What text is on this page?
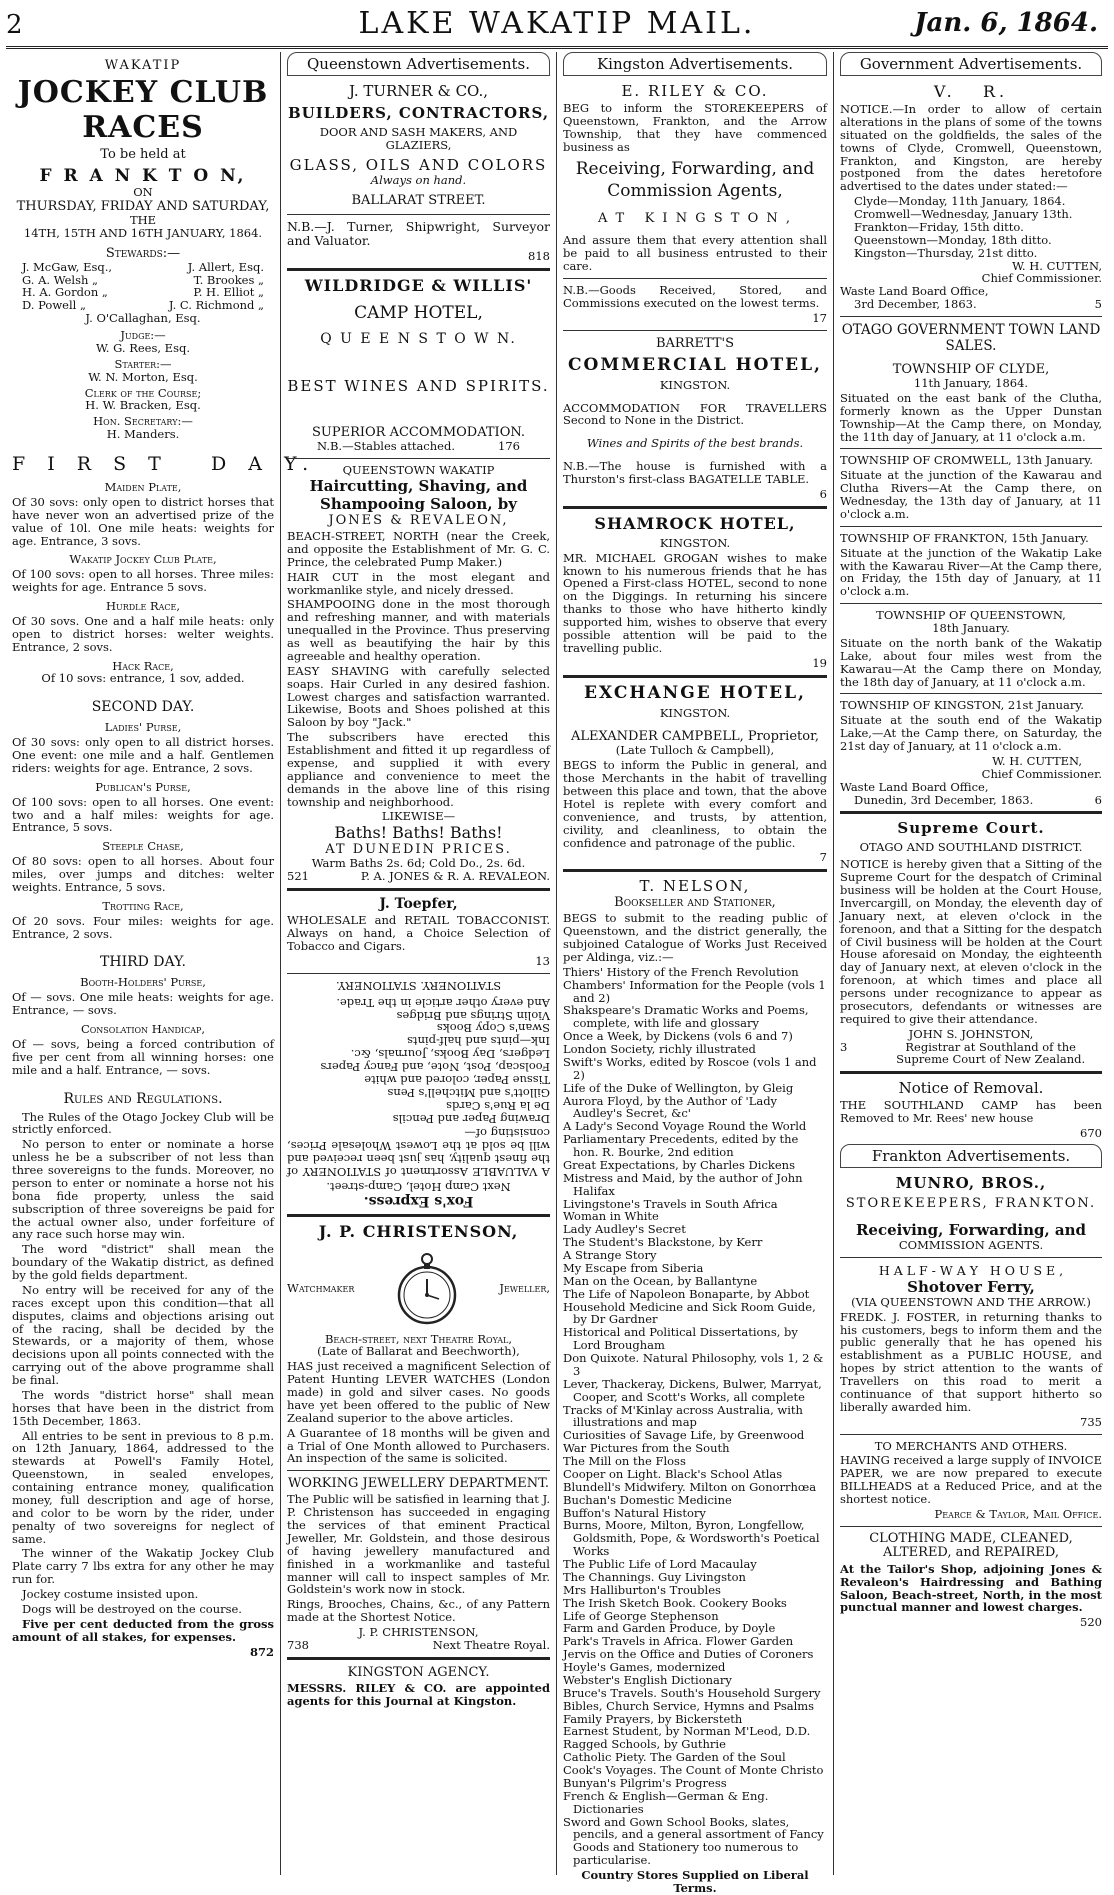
2	LAKE WAKATIP MAIL.	Jan. 6, 1864.
WAKATIP
JOCKEY CLUB RACES
To be held at
F R A N K T O N,
ON
THURSDAY, FRIDAY AND SATURDAY,
THE
14TH, 15TH AND 16TH JANUARY, 1864.
Stewards:—
J. McGaw, Esq.,	J. Allert, Esq.
G. A. Welsh „	T. Brookes „
H. A. Gordon „	P. H. Elliot „
D. Powell „	J. C. Richmond „
J. O'Callaghan, Esq.
Judge:—
W. G. Rees, Esq.
Starter:—
W. N. Morton, Esq.
Clerk of the Course;
H. W. Bracken, Esq.
Hon. Secretary:—
H. Manders.
F I R S T   D A Y.
Maiden Plate,
Of 30 sovs: only open to district horses that have never won an advertised prize of the value of 10l. One mile heats: weights for age. Entrance, 3 sovs.
Wakatip Jockey Club Plate,
Of 100 sovs: open to all horses. Three miles: weights for age. Entrance 5 sovs.
Hurdle Race,
Of 30 sovs. One and a half mile heats: only open to district horses: welter weights. Entrance, 2 sovs.
Hack Race,
Of 10 sovs: entrance, 1 sov, added.
SECOND DAY.
Ladies' Purse,
Of 30 sovs: only open to all district horses. One event: one mile and a half. Gentlemen riders: weights for age. Entrance, 2 sovs.
Publican's Purse,
Of 100 sovs: open to all horses. One event: two and a half miles: weights for age. Entrance, 5 sovs.
Steeple Chase,
Of 80 sovs: open to all horses. About four miles, over jumps and ditches: welter weights. Entrance, 5 sovs.
Trotting Race,
Of 20 sovs. Four miles: weights for age. Entrance, 2 sovs.
THIRD DAY.
Booth-Holders' Purse,
Of — sovs. One mile heats: weights for age. Entrance, — sovs.
Consolation Handicap,
Of — sovs, being a forced contribution of five per cent from all winning horses: one mile and a half. Entrance, — sovs.
Rules and Regulations.
The Rules of the Otago Jockey Club will be strictly enforced.
No person to enter or nominate a horse unless he be a subscriber of not less than three sovereigns to the funds. Moreover, no person to enter or nominate a horse not his bona fide property, unless the said subscription of three sovereigns be paid for the actual owner also, under forfeiture of any race such horse may win.
The word "district" shall mean the boundary of the Wakatip district, as defined by the gold fields department.
No entry will be received for any of the races except upon this condition—that all disputes, claims and objections arising out of the racing, shall be decided by the Stewards, or a majority of them, whose decisions upon all points connected with the carrying out of the above programme shall be final.
The words "district horse" shall mean horses that have been in the district from 15th December, 1863.
All entries to be sent in previous to 8 p.m. on 12th January, 1864, addressed to the stewards at Powell's Family Hotel, Queenstown, in sealed envelopes, containing entrance money, qualification money, full description and age of horse, and color to be worn by the rider, under penalty of two sovereigns for neglect of same.
The winner of the Wakatip Jockey Club Plate carry 7 lbs extra for any other he may run for.
Jockey costume insisted upon.
Dogs will be destroyed on the course.
Five per cent deducted from the gross amount of all stakes, for expenses.
872
Queenstown Advertisements.
J. TURNER & CO.,
BUILDERS, CONTRACTORS,
DOOR AND SASH MAKERS, AND GLAZIERS,
GLASS, OILS AND COLORS
Always on hand.
BALLARAT STREET.
N.B.—J. Turner, Shipwright, Surveyor and Valuator.
818
WILDRIDGE & WILLIS'
CAMP HOTEL,
Q U E E N S T O W N.
BEST WINES AND SPIRITS.
SUPERIOR ACCOMMODATION.
N.B.—Stables attached.	176
QUEENSTOWN WAKATIP
Haircutting, Shaving, and Shampooing Saloon, by
JONES & REVALEON,
BEACH-STREET, NORTH (near the Creek, and opposite the Establishment of Mr. G. C. Prince, the celebrated Pump Maker.)
HAIR CUT in the most elegant and workmanlike style, and nicely dressed.
SHAMPOOING done in the most thorough and refreshing manner, and with materials unequalled in the Province. Thus preserving as well as beautifying the hair by this agreeable and healthy operation.
EASY SHAVING with carefully selected soaps. Hair Curled in any desired fashion. Lowest charges and satisfaction warranted. Likewise, Boots and Shoes polished at this Saloon by boy "Jack."
The subscribers have erected this Establishment and fitted it up regardless of expense, and supplied it with every appliance and convenience to meet the demands in the above line of this rising township and neighborhood.
LIKEWISE—
Baths! Baths! Baths!
AT DUNEDIN PRICES.
Warm Baths 2s. 6d; Cold Do., 2s. 6d.
521	P. A. JONES & R. A. REVALEON.
J. Toepfer,
WHOLESALE and RETAIL TOBACCONIST. Always on hand, a Choice Selection of Tobacco and Cigars.
13
Fox's Express.
Next Camp Hotel, Camp-street.
A VALUABLE Assortment of STATIONERY of the finest quality, has just been received and will be sold at the Lowest Wholesale Prices, consisting of—
Drawing Paper and Pencils
De la Rue's Cards
Gillott's and Mitchell's Pens
Tissue Paper, colored and white
Foolscap, Post, Note, and Fancy Papers
Ledgers, Day Books, Journals, &c.
Ink—pints and half-pints
Swan's Copy Books
Violin Strings and Bridges
And every other article in the Trade.
STATIONERY. STATIONERY.
J. P. CHRISTENSON,
Watchmaker	Jeweller,
Beach-street, next Theatre Royal,
(Late of Ballarat and Beechworth),
HAS just received a magnificent Selection of Patent Hunting LEVER WATCHES (London made) in gold and silver cases. No goods have yet been offered to the public of New Zealand superior to the above articles.
A Guarantee of 18 months will be given and a Trial of One Month allowed to Purchasers. An inspection of the same is solicited.
WORKING JEWELLERY DEPARTMENT.
The Public will be satisfied in learning that J. P. Christenson has succeeded in engaging the services of that eminent Practical Jeweller, Mr. Goldstein, and those desirous of having jewellery manufactured and finished in a workmanlike and tasteful manner will call to inspect samples of Mr. Goldstein's work now in stock.
Rings, Brooches, Chains, &c., of any Pattern made at the Shortest Notice.
J. P. CHRISTENSON,
738	Next Theatre Royal.
KINGSTON AGENCY.
MESSRS. RILEY & CO. are appointed agents for this Journal at Kingston.
Kingston Advertisements.
E. RILEY & CO.
BEG to inform the STOREKEEPERS of Queenstown, Frankton, and the Arrow Township, that they have commenced business as
Receiving, Forwarding, and Commission Agents,
A T   K I N G S T O N ,
And assure them that every attention shall be paid to all business entrusted to their care.
N.B.—Goods Received, Stored, and Commissions executed on the lowest terms.
17
BARRETT'S
COMMERCIAL HOTEL,
KINGSTON.
ACCOMMODATION FOR TRAVELLERS Second to None in the District.
Wines and Spirits of the best brands.
N.B.—The house is furnished with a Thurston's first-class BAGATELLE TABLE.
6
SHAMROCK HOTEL,
KINGSTON.
MR. MICHAEL GROGAN wishes to make known to his numerous friends that he has Opened a First-class HOTEL, second to none on the Diggings. In returning his sincere thanks to those who have hitherto kindly supported him, wishes to observe that every possible attention will be paid to the travelling public.
19
EXCHANGE HOTEL,
KINGSTON.
ALEXANDER CAMPBELL, Proprietor,
(Late Tulloch & Campbell),
BEGS to inform the Public in general, and those Merchants in the habit of travelling between this place and town, that the above Hotel is replete with every comfort and convenience, and trusts, by attention, civility, and cleanliness, to obtain the confidence and patronage of the public.
7
T. NELSON,
Bookseller and Stationer,
BEGS to submit to the reading public of Queenstown, and the district generally, the subjoined Catalogue of Works Just Received per Aldinga, viz.:—
Thiers' History of the French Revolution
Chambers' Information for the People (vols 1 and 2)
Shakspeare's Dramatic Works and Poems, complete, with life and glossary
Once a Week, by Dickens (vols 6 and 7)
London Society, richly illustrated
Swift's Works, edited by Roscoe (vols 1 and 2)
Life of the Duke of Wellington, by Gleig
Aurora Floyd, by the Author of 'Lady Audley's Secret, &c'
A Lady's Second Voyage Round the World
Parliamentary Precedents, edited by the hon. R. Bourke, 2nd edition
Great Expectations, by Charles Dickens
Mistress and Maid, by the author of John Halifax
Livingstone's Travels in South Africa
Woman in White
Lady Audley's Secret
The Student's Blackstone, by Kerr
A Strange Story
My Escape from Siberia
Man on the Ocean, by Ballantyne
The Life of Napoleon Bonaparte, by Abbot
Household Medicine and Sick Room Guide, by Dr Gardner
Historical and Political Dissertations, by Lord Brougham
Don Quixote. Natural Philosophy, vols 1, 2 & 3
Lever, Thackeray, Dickens, Bulwer, Marryat, Cooper, and Scott's Works, all complete
Tracks of M'Kinlay across Australia, with illustrations and map
Curiosities of Savage Life, by Greenwood
War Pictures from the South
The Mill on the Floss
Cooper on Light. Black's School Atlas
Blundell's Midwifery. Milton on Gonorrhœa
Buchan's Domestic Medicine
Buffon's Natural History
Burns, Moore, Milton, Byron, Longfellow, Goldsmith, Pope, & Wordsworth's Poetical Works
The Public Life of Lord Macaulay
The Channings. Guy Livingston
Mrs Halliburton's Troubles
The Irish Sketch Book. Cookery Books
Life of George Stephenson
Farm and Garden Produce, by Doyle
Park's Travels in Africa. Flower Garden
Jervis on the Office and Duties of Coroners
Hoyle's Games, modernized
Webster's English Dictionary
Bruce's Travels. South's Household Surgery
Bibles, Church Service, Hymns and Psalms
Family Prayers, by Bickersteth
Earnest Student, by Norman M'Leod, D.D.
Ragged Schools, by Guthrie
Catholic Piety. The Garden of the Soul
Cook's Voyages. The Count of Monte Christo
Bunyan's Pilgrim's Progress
French & English—German & Eng. Dictionaries
Sword and Gown School Books, slates, pencils, and a general assortment of Fancy Goods and Stationery too numerous to particularise.
Country Stores Supplied on Liberal Terms.
Government Advertisements.
V.   R.
NOTICE.—In order to allow of certain alterations in the plans of some of the towns situated on the goldfields, the sales of the towns of Clyde, Cromwell, Queenstown, Frankton, and Kingston, are hereby postponed from the dates heretofore advertised to the dates under stated:—
Clyde—Monday, 11th January, 1864.
Cromwell—Wednesday, January 13th.
Frankton—Friday, 15th ditto.
Queenstown—Monday, 18th ditto.
Kingston—Thursday, 21st ditto.
W. H. CUTTEN,
Chief Commissioner.
Waste Land Board Office,
3rd December, 1863.	5
OTAGO GOVERNMENT TOWN LAND SALES.
TOWNSHIP OF CLYDE,
11th January, 1864.
Situated on the east bank of the Clutha, formerly known as the Upper Dunstan Township—At the Camp there, on Monday, the 11th day of January, at 11 o'clock a.m.
TOWNSHIP OF CROMWELL, 13th January.
Situate at the junction of the Kawarau and Clutha Rivers—At the Camp there, on Wednesday, the 13th day of January, at 11 o'clock a.m.
TOWNSHIP OF FRANKTON, 15th January.
Situate at the junction of the Wakatip Lake with the Kawarau River—At the Camp there, on Friday, the 15th day of January, at 11 o'clock a.m.
TOWNSHIP OF QUEENSTOWN,
18th January.
Situate on the north bank of the Wakatip Lake, about four miles west from the Kawarau—At the Camp there on Monday, the 18th day of January, at 11 o'clock a.m.
TOWNSHIP OF KINGSTON, 21st January.
Situate at the south end of the Wakatip Lake,—At the Camp there, on Saturday, the 21st day of January, at 11 o'clock a.m.
W. H. CUTTEN,
Chief Commissioner.
Waste Land Board Office,
Dunedin, 3rd December, 1863.	6
Supreme Court.
OTAGO AND SOUTHLAND DISTRICT.
NOTICE is hereby given that a Sitting of the Supreme Court for the despatch of Criminal business will be holden at the Court House, Invercargill, on Monday, the eleventh day of January next, at eleven o'clock in the forenoon, and that a Sitting for the despatch of Civil business will be holden at the Court House aforesaid on Monday, the eighteenth day of January next, at eleven o'clock in the forenoon, at which times and place all persons under recognizance to appear as prosecutors, defendants or witnesses are required to give their attendance.
JOHN S. JOHNSTON,
3	Registrar at Southland of the Supreme Court of New Zealand.
Notice of Removal.
THE SOUTHLAND CAMP has been Removed to Mr. Rees' new house
670
Frankton Advertisements.
MUNRO, BROS.,
STOREKEEPERS, FRANKTON.
Receiving, Forwarding, and
COMMISSION AGENTS.
H A L F - W A Y   H O U S E ,
Shotover Ferry,
(VIA QUEENSTOWN AND THE ARROW.)
FREDK. J. FOSTER, in returning thanks to his customers, begs to inform them and the public generally that he has opened his establishment as a PUBLIC HOUSE, and hopes by strict attention to the wants of Travellers on this road to merit a continuance of that support hitherto so liberally awarded him.
735
TO MERCHANTS AND OTHERS.
HAVING received a large supply of INVOICE PAPER, we are now prepared to execute BILLHEADS at a Reduced Price, and at the shortest notice.
Pearce & Taylor, Mail Office.
CLOTHING MADE, CLEANED, ALTERED, and REPAIRED,
At the Tailor's Shop, adjoining Jones & Revaleon's Hairdressing and Bathing Saloon, Beach-street, North, in the most punctual manner and lowest charges.
520
